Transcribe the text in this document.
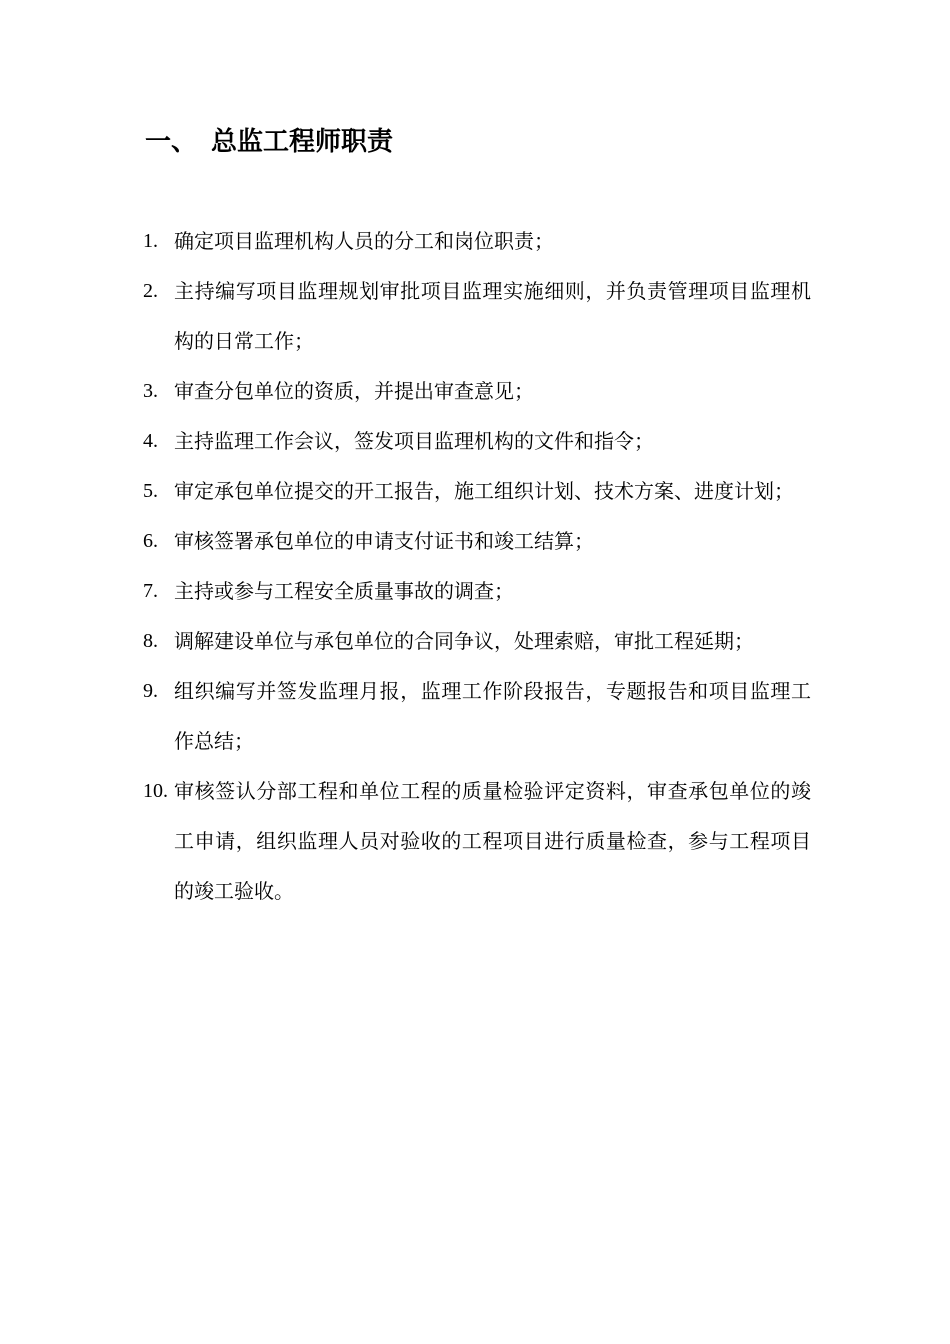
一、 总监工程师职责
1. 确定项目监理机构人员的分工和岗位职责；
2. 主持编写项目监理规划审批项目监理实施细则，并负责管理项目监理机构的日常工作；
3. 审查分包单位的资质，并提出审查意见；
4. 主持监理工作会议，签发项目监理机构的文件和指令；
5. 审定承包单位提交的开工报告，施工组织计划、技术方案、进度计划；
6. 审核签署承包单位的申请支付证书和竣工结算；
7. 主持或参与工程安全质量事故的调查；
8. 调解建设单位与承包单位的合同争议，处理索赔，审批工程延期；
9. 组织编写并签发监理月报，监理工作阶段报告，专题报告和项目监理工作总结；
10. 审核签认分部工程和单位工程的质量检验评定资料，审查承包单位的竣工申请，组织监理人员对验收的工程项目进行质量检查，参与工程项目的竣工验收。
